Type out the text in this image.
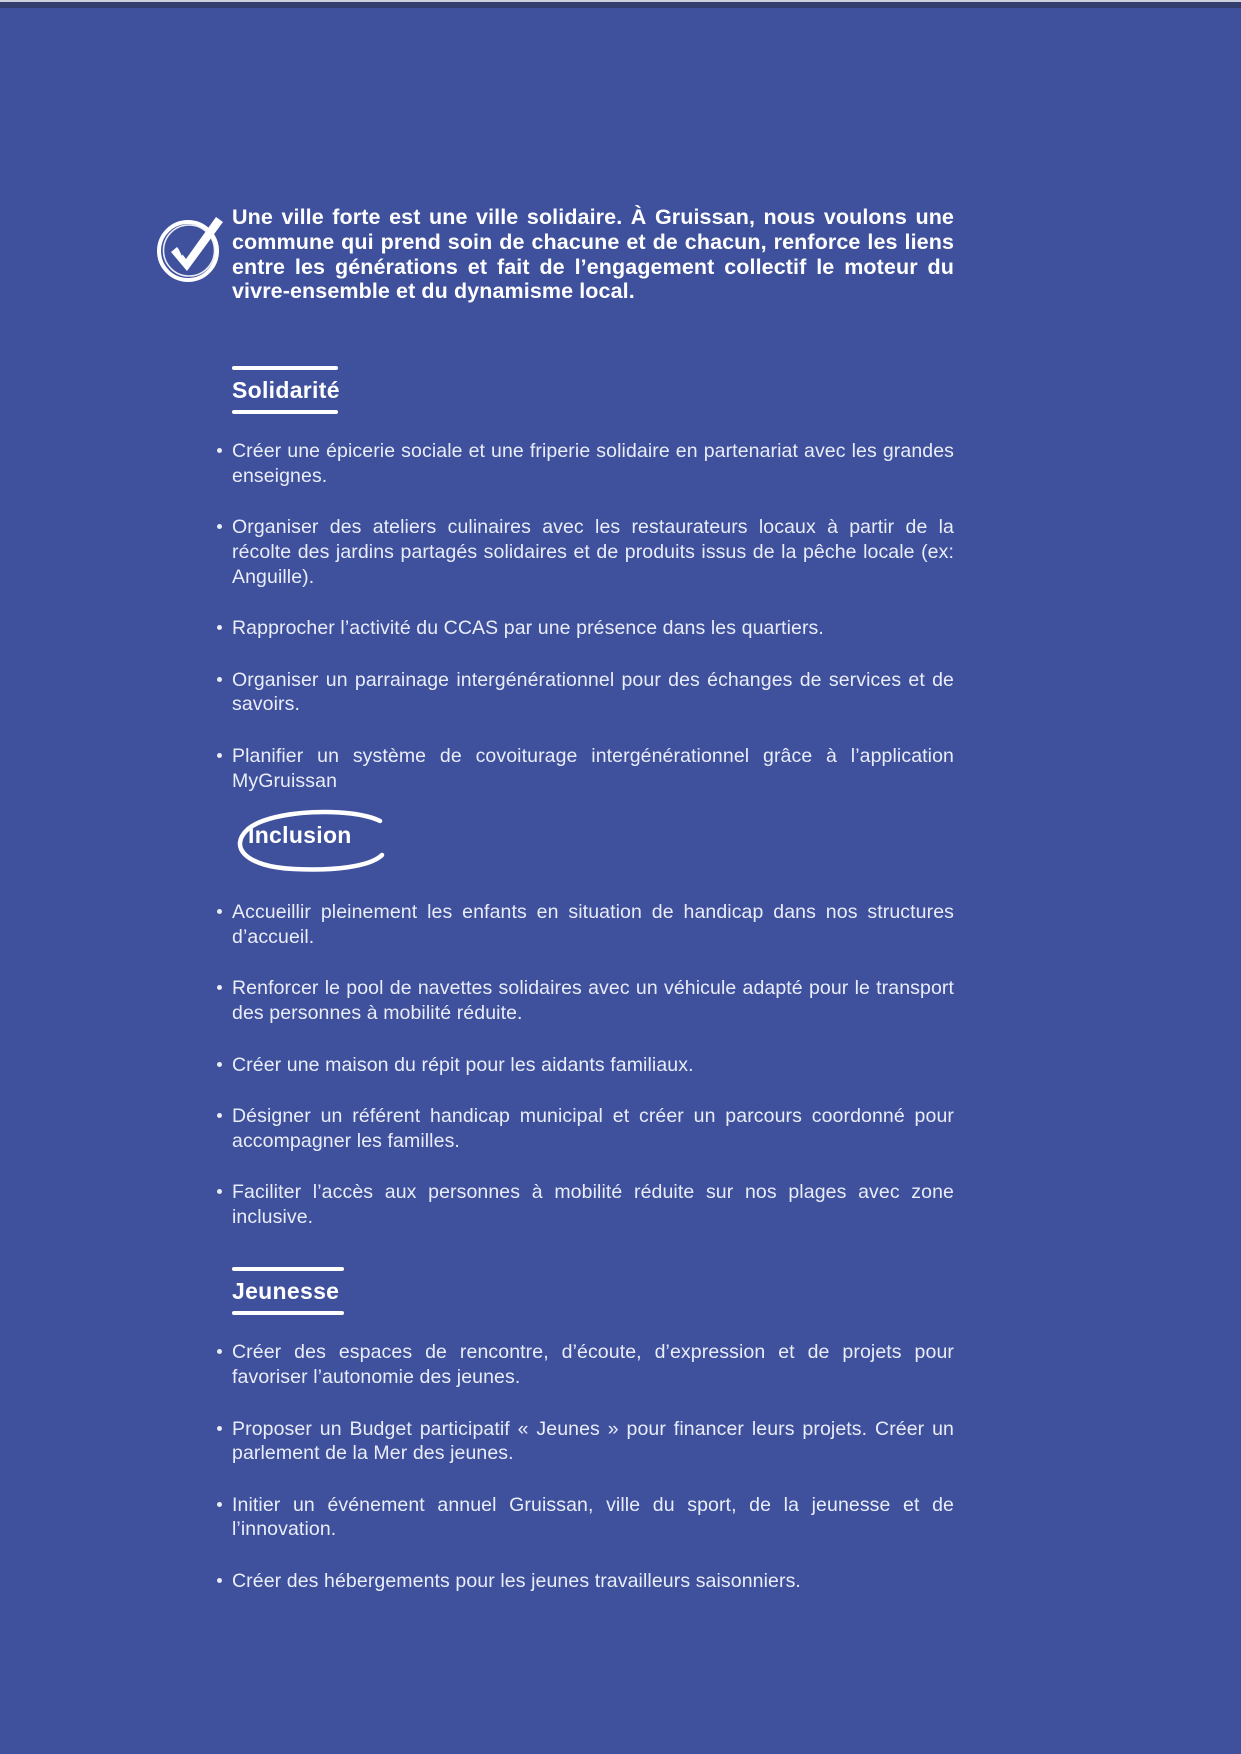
Une ville forte est une ville solidaire. À Gruissan, nous voulons une commune qui prend soin de chacune et de chacun, renforce les liens entre les générations et fait de l’engagement collectif le moteur du vivre-ensemble et du dynamisme local.

Solidarité
Créer une épicerie sociale et une friperie solidaire en partenariat avec les grandes enseignes.
Organiser des ateliers culinaires avec les restaurateurs locaux à partir de la récolte des jardins partagés solidaires et de produits issus de la pêche locale (ex: Anguille).
Rapprocher l’activité du CCAS par une présence dans les quartiers.
Organiser un parrainage intergénérationnel pour des échanges de services et de savoirs.
Planifier un système de covoiturage intergénérationnel grâce à l’application MyGruissan
Inclusion
Accueillir pleinement les enfants en situation de handicap dans nos structures d’accueil.
Renforcer le pool de navettes solidaires avec un véhicule adapté pour le transport des personnes à mobilité réduite.
Créer une maison du répit pour les aidants familiaux.
Désigner un référent handicap municipal et créer un parcours coordonné pour accompagner les familles.
Faciliter l’accès aux personnes à mobilité réduite sur nos plages avec zone inclusive.
Jeunesse
Créer des espaces de rencontre, d’écoute, d’expression et de projets pour favoriser l’autonomie des jeunes.
Proposer un Budget participatif « Jeunes » pour financer leurs projets. Créer un parlement de la Mer des jeunes.
Initier un événement annuel Gruissan, ville du sport, de la jeunesse et de l’innovation.
Créer des hébergements pour les jeunes travailleurs saisonniers.
